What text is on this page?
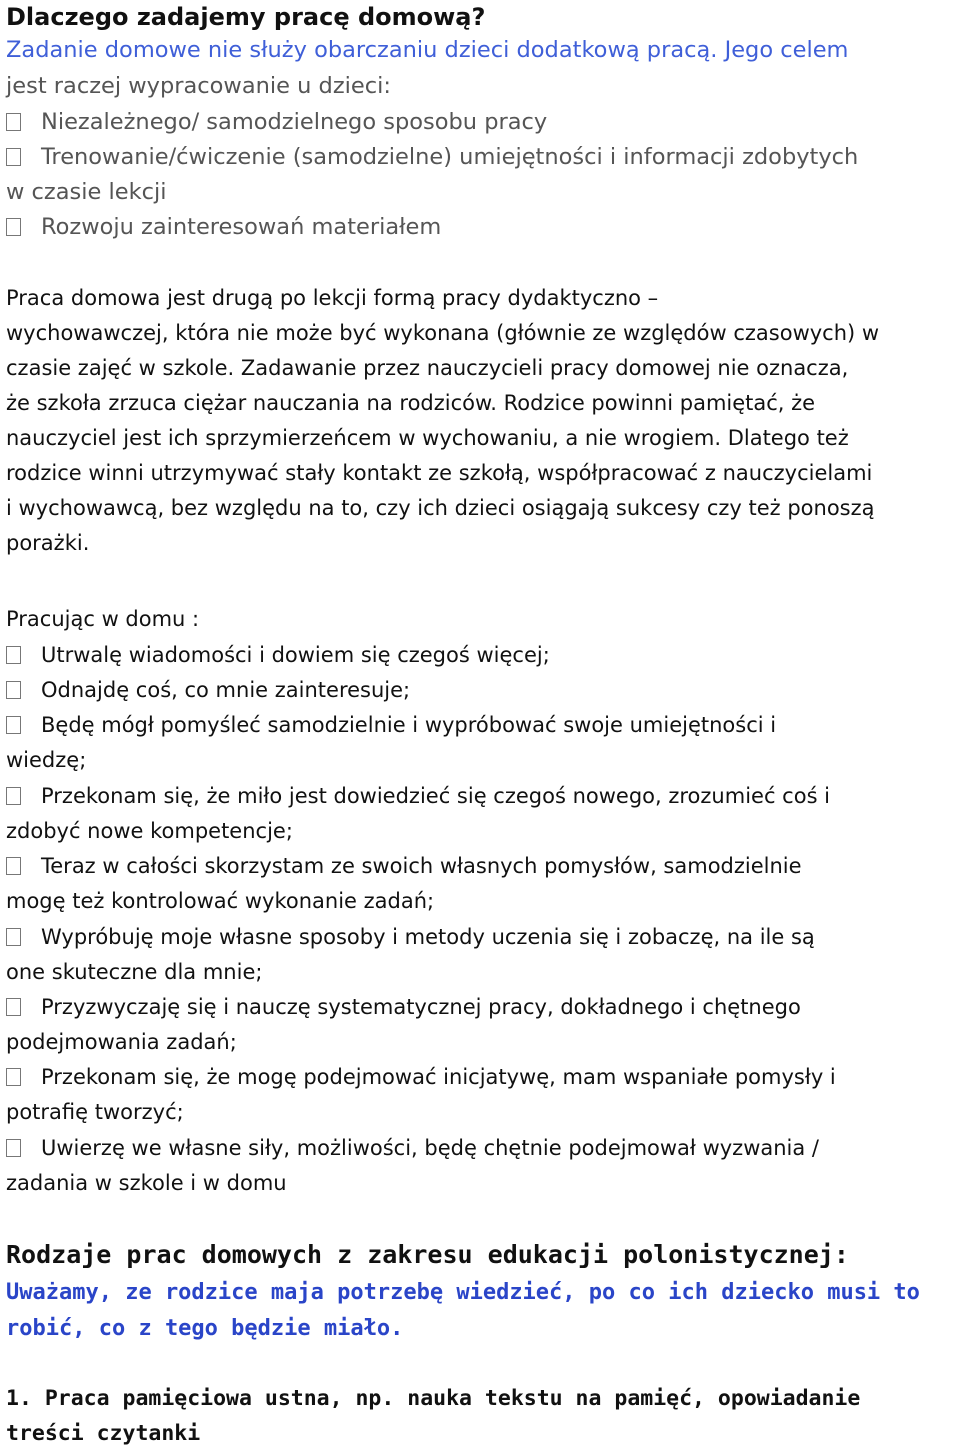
Dlaczego zadajemy pracę domową?
Zadanie domowe nie służy obarczaniu dzieci dodatkową pracą. Jego celem
jest raczej wypracowanie u dzieci:
Niezależnego/ samodzielnego sposobu pracy
Trenowanie/ćwiczenie (samodzielne) umiejętności i informacji zdobytych
w czasie lekcji
Rozwoju zainteresowań materiałem
Praca domowa jest drugą po lekcji formą pracy dydaktyczno –
wychowawczej, która nie może być wykonana (głównie ze względów czasowych) w
czasie zajęć w szkole. Zadawanie przez nauczycieli pracy domowej nie oznacza,
że szkoła zrzuca ciężar nauczania na rodziców. Rodzice powinni pamiętać, że
nauczyciel jest ich sprzymierzeńcem w wychowaniu, a nie wrogiem. Dlatego też
rodzice winni utrzymywać stały kontakt ze szkołą, współpracować z nauczycielami
i wychowawcą, bez względu na to, czy ich dzieci osiągają sukcesy czy też ponoszą
porażki.
Pracując w domu :
Utrwalę wiadomości i dowiem się czegoś więcej;
Odnajdę coś, co mnie zainteresuje;
Będę mógł pomyśleć samodzielnie i wypróbować swoje umiejętności i
wiedzę;
Przekonam się, że miło jest dowiedzieć się czegoś nowego, zrozumieć coś i
zdobyć nowe kompetencje;
Teraz w całości skorzystam ze swoich własnych pomysłów, samodzielnie
mogę też kontrolować wykonanie zadań;
Wypróbuję moje własne sposoby i metody uczenia się i zobaczę, na ile są
one skuteczne dla mnie;
Przyzwyczaję się i nauczę systematycznej pracy, dokładnego i chętnego
podejmowania zadań;
Przekonam się, że mogę podejmować inicjatywę, mam wspaniałe pomysły i
potrafię tworzyć;
Uwierzę we własne siły, możliwości, będę chętnie podejmował wyzwania /
zadania w szkole i w domu
Rodzaje prac domowych z zakresu edukacji polonistycznej:
Uważamy, ze rodzice maja potrzebę wiedzieć, po co ich dziecko musi to
robić, co z tego będzie miało.
1. Praca pamięciowa ustna, np. nauka tekstu na pamięć, opowiadanie
treści czytanki
